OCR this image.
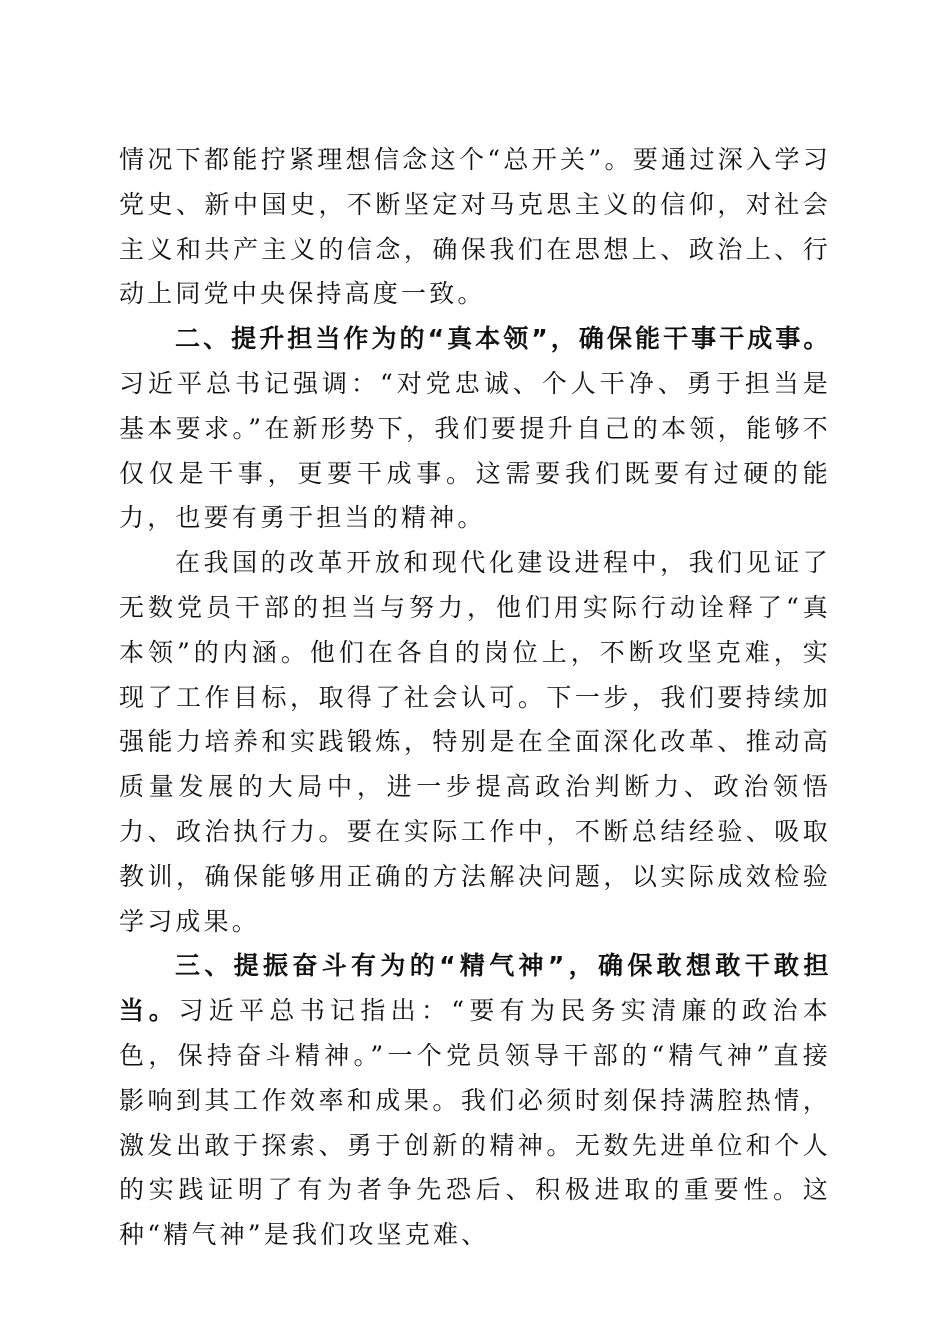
情况下都能拧紧理想信念这个“总开关”。要通过深入学习党史、新中国史，不断坚定对马克思主义的信仰，对社会主义和共产主义的信念，确保我们在思想上、政治上、行动上同党中央保持高度一致。

二、提升担当作为的“真本领”，确保能干事干成事。习近平总书记强调：“对党忠诚、个人干净、勇于担当是基本要求。”在新形势下，我们要提升自己的本领，能够不仅仅是干事，更要干成事。这需要我们既要有过硬的能力，也要有勇于担当的精神。

在我国的改革开放和现代化建设进程中，我们见证了无数党员干部的担当与努力，他们用实际行动诠释了“真本领”的内涵。他们在各自的岗位上，不断攻坚克难，实现了工作目标，取得了社会认可。下一步，我们要持续加强能力培养和实践锻炼，特别是在全面深化改革、推动高质量发展的大局中，进一步提高政治判断力、政治领悟力、政治执行力。要在实际工作中，不断总结经验、吸取教训，确保能够用正确的方法解决问题，以实际成效检验学习成果。

三、提振奋斗有为的“精气神”，确保敢想敢干敢担当。习近平总书记指出：“要有为民务实清廉的政治本色，保持奋斗精神。”一个党员领导干部的“精气神”直接影响到其工作效率和成果。我们必须时刻保持满腔热情，激发出敢于探索、勇于创新的精神。无数先进单位和个人的实践证明了有为者争先恐后、积极进取的重要性。这种“精气神”是我们攻坚克难、
